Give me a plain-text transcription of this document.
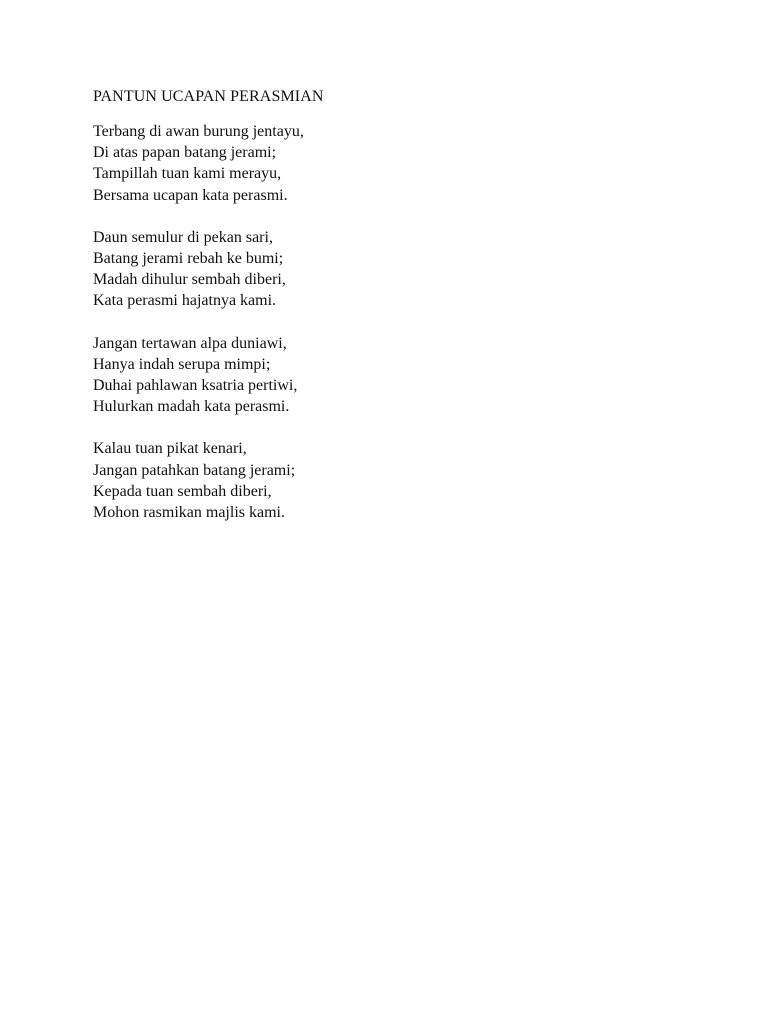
PANTUN UCAPAN PERASMIAN
Terbang di awan burung jentayu,
Di atas papan batang jerami;
Tampillah tuan kami merayu,
Bersama ucapan kata perasmi.
Daun semulur di pekan sari,
Batang jerami rebah ke bumi;
Madah dihulur sembah diberi,
Kata perasmi hajatnya kami.
Jangan tertawan alpa duniawi,
Hanya indah serupa mimpi;
Duhai pahlawan ksatria pertiwi,
Hulurkan madah kata perasmi.
Kalau tuan pikat kenari,
Jangan patahkan batang jerami;
Kepada tuan sembah diberi,
Mohon rasmikan majlis kami.
